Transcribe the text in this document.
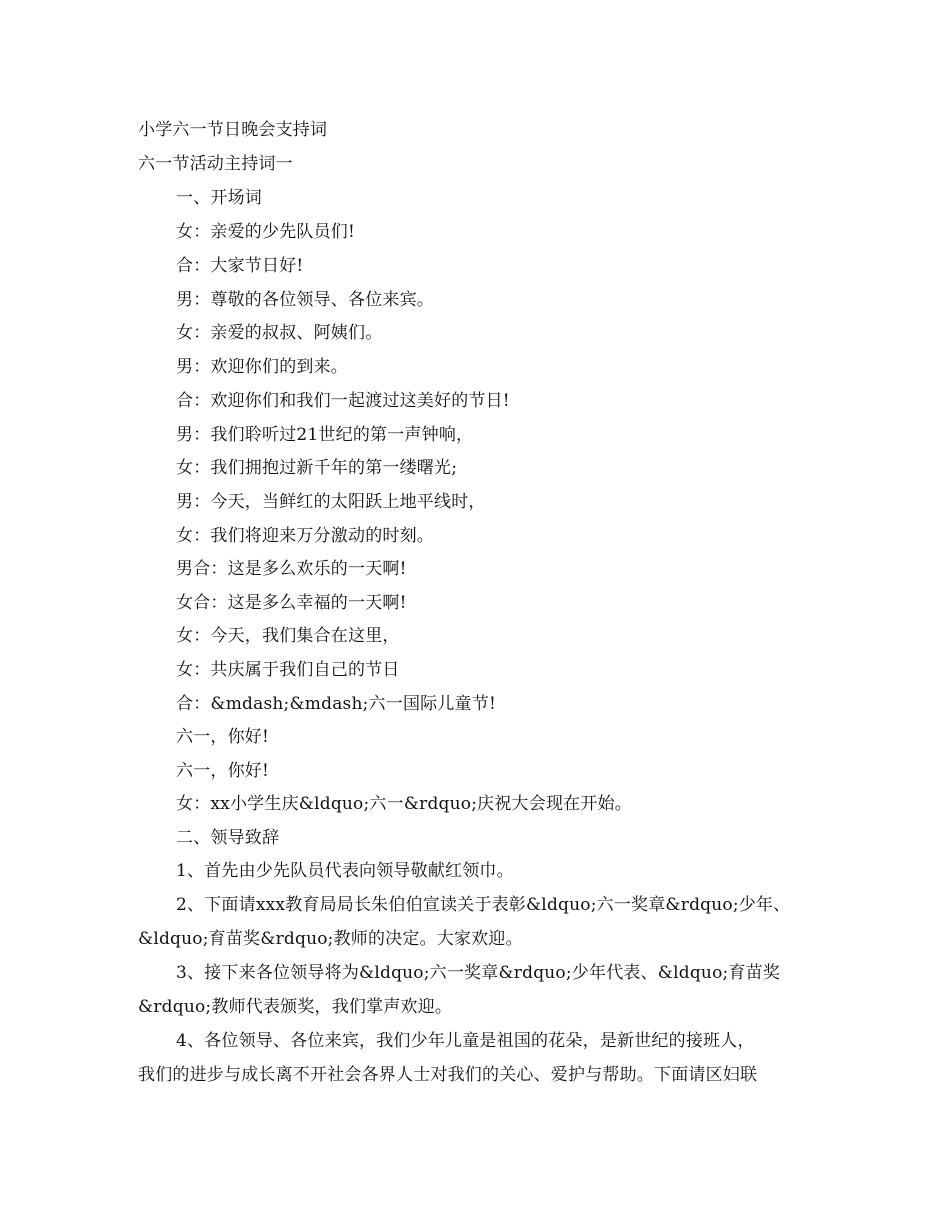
小学六一节日晚会支持词
六一节活动主持词一
一、开场词
女：亲爱的少先队员们!
合：大家节日好!
男：尊敬的各位领导、各位来宾。
女：亲爱的叔叔、阿姨们。
男：欢迎你们的到来。
合：欢迎你们和我们一起渡过这美好的节日!
男：我们聆听过21世纪的第一声钟响，
女：我们拥抱过新千年的第一缕曙光;
男：今天，当鲜红的太阳跃上地平线时，
女：我们将迎来万分激动的时刻。
男合：这是多么欢乐的一天啊!
女合：这是多么幸福的一天啊!
女：今天，我们集合在这里，
女：共庆属于我们自己的节日
合：&mdash;&mdash;六一国际儿童节!
六一，你好!
六一，你好!
女：xx小学生庆&ldquo;六一&rdquo;庆祝大会现在开始。
二、领导致辞
1、首先由少先队员代表向领导敬献红领巾。
2、下面请xxx教育局局长朱伯伯宣读关于表彰&ldquo;六一奖章&rdquo;少年、
&ldquo;育苗奖&rdquo;教师的决定。大家欢迎。
3、接下来各位领导将为&ldquo;六一奖章&rdquo;少年代表、&ldquo;育苗奖
&rdquo;教师代表颁奖，我们掌声欢迎。
4、各位领导、各位来宾，我们少年儿童是祖国的花朵，是新世纪的接班人，
我们的进步与成长离不开社会各界人士对我们的关心、爱护与帮助。下面请区妇联
